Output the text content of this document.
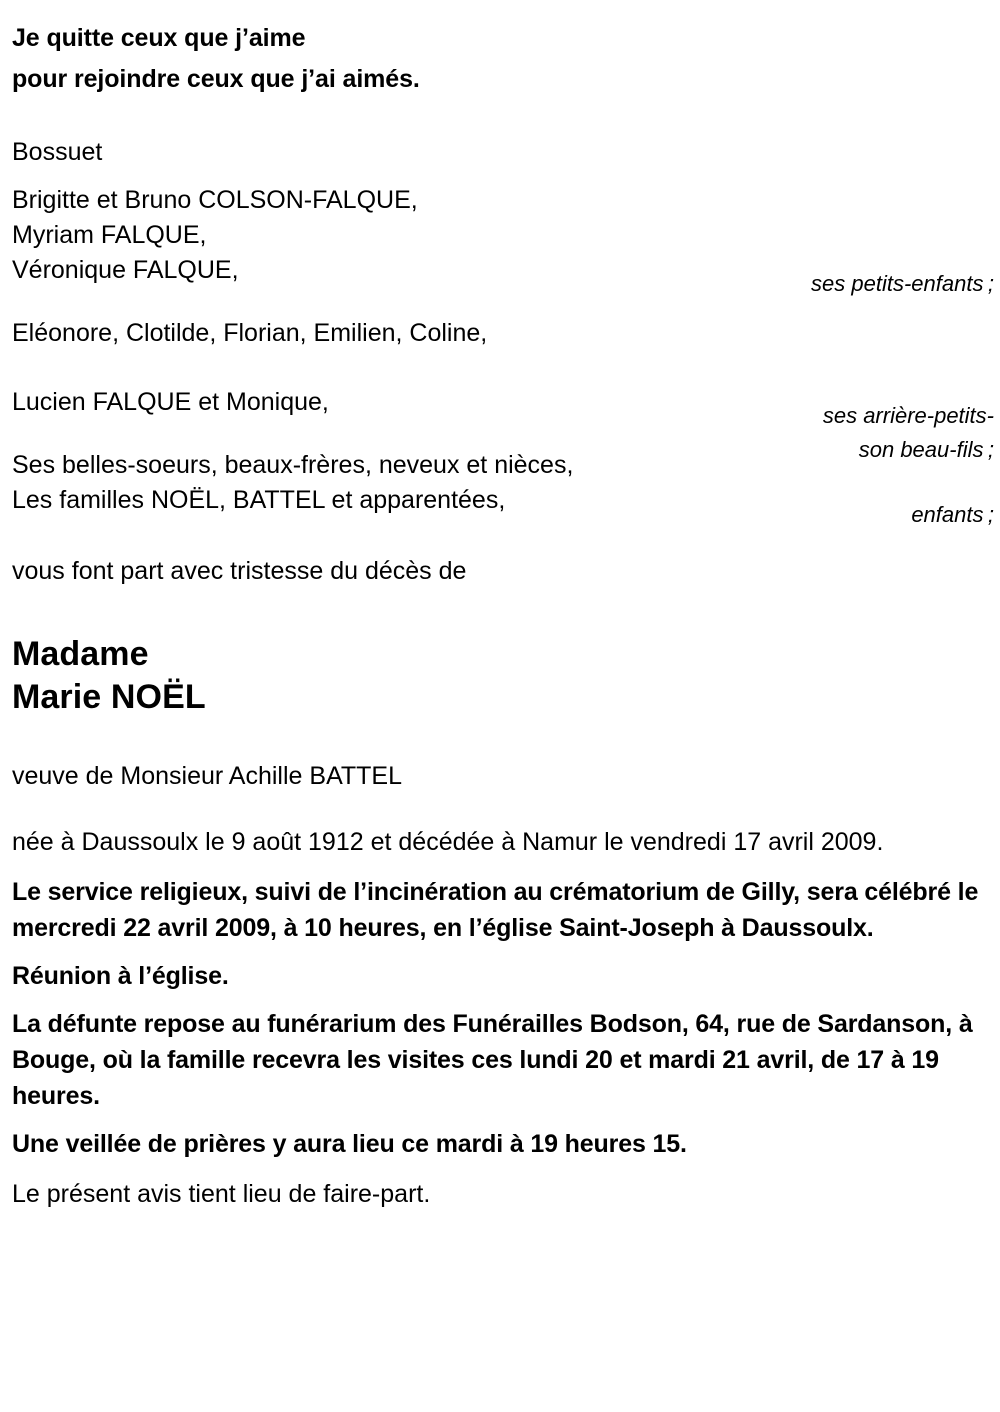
Je quitte ceux que j’aime
pour rejoindre ceux que j’ai aimés.
Bossuet
Brigitte et Bruno COLSON-FALQUE,
Myriam FALQUE,
Véronique FALQUE,
Eléonore, Clotilde, Florian, Emilien, Coline,
Lucien FALQUE et Monique,
Ses belles-soeurs, beaux-frères, neveux et nièces,
Les familles NOËL, BATTEL et apparentées,
ses petits-enfants ;

ses arrière-petits-

enfants ;

son beau-fils ;
vous font part avec tristesse du décès de
Madame
Marie NOËL
veuve de Monsieur Achille BATTEL
née à Daussoulx le 9 août 1912 et décédée à Namur le vendredi 17 avril 2009.
Le service religieux, suivi de l’incinération au crématorium de Gilly, sera célébré le mercredi 22 avril 2009, à 10 heures, en l’église Saint-Joseph à Daussoulx.
Réunion à l’église.
La défunte repose au funérarium des Funérailles Bodson, 64, rue de Sardanson, à Bouge, où la famille recevra les visites ces lundi 20 et mardi 21 avril, de 17 à 19 heures.
Une veillée de prières y aura lieu ce mardi à 19 heures 15.
Le présent avis tient lieu de faire-part.
